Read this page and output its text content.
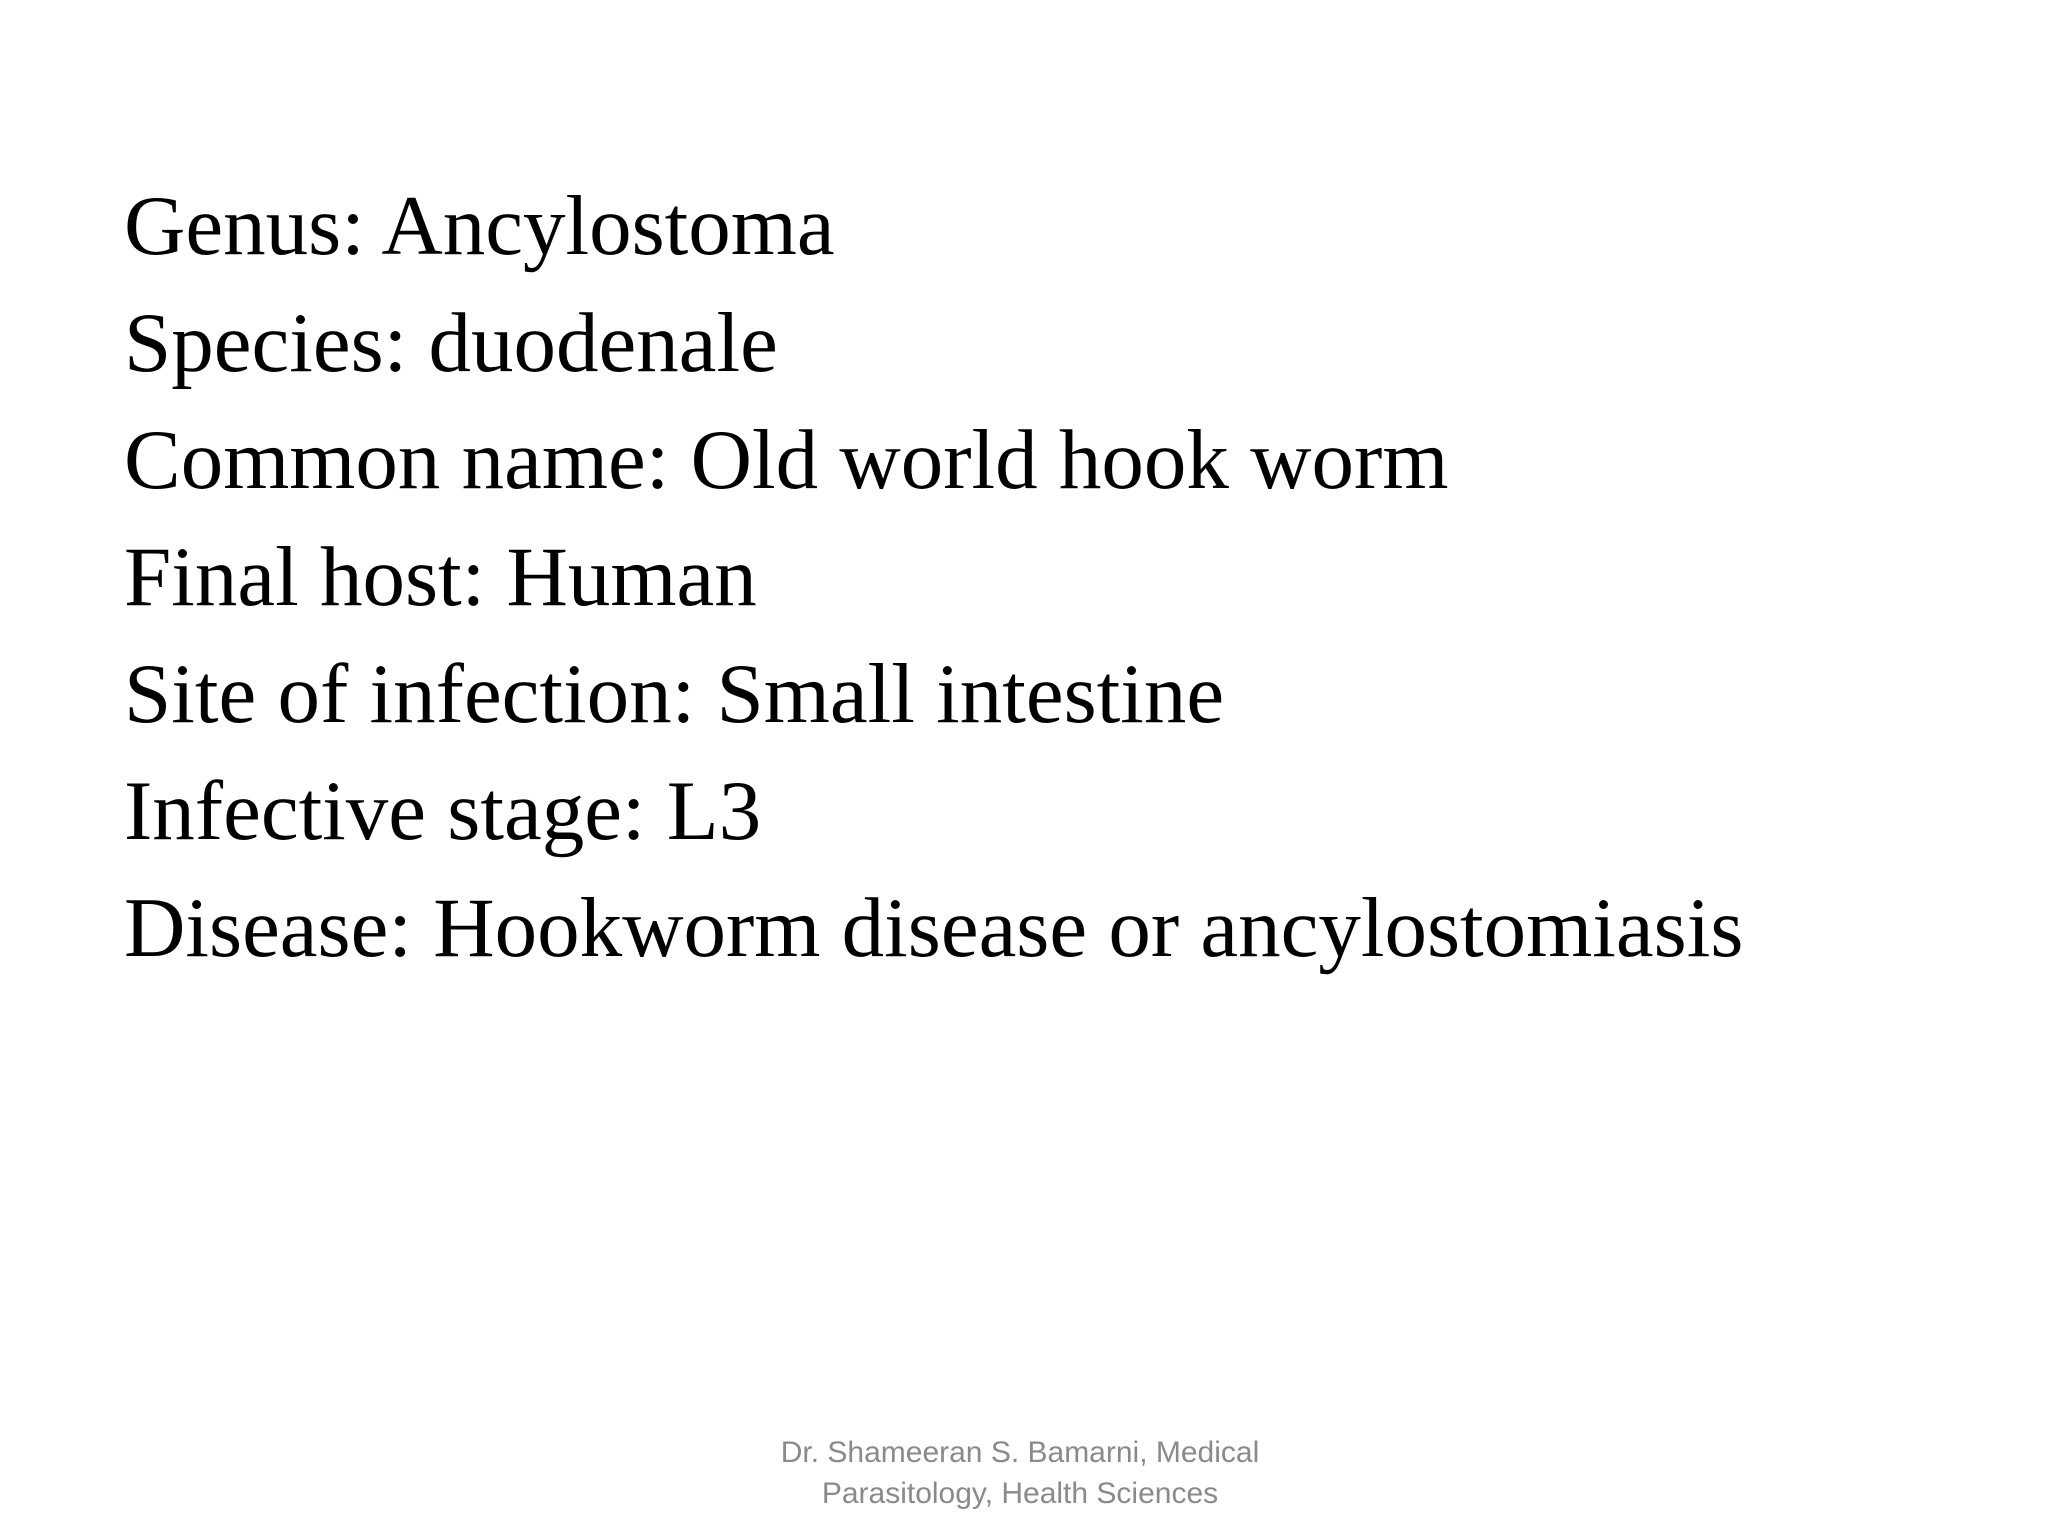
Genus: Ancylostoma
Species: duodenale
Common name: Old world hook worm
Final host: Human
Site of infection: Small intestine
Infective stage: L3
Disease: Hookworm disease or ancylostomiasis
Dr. Shameeran S. Bamarni, Medical
Parasitology, Health Sciences
